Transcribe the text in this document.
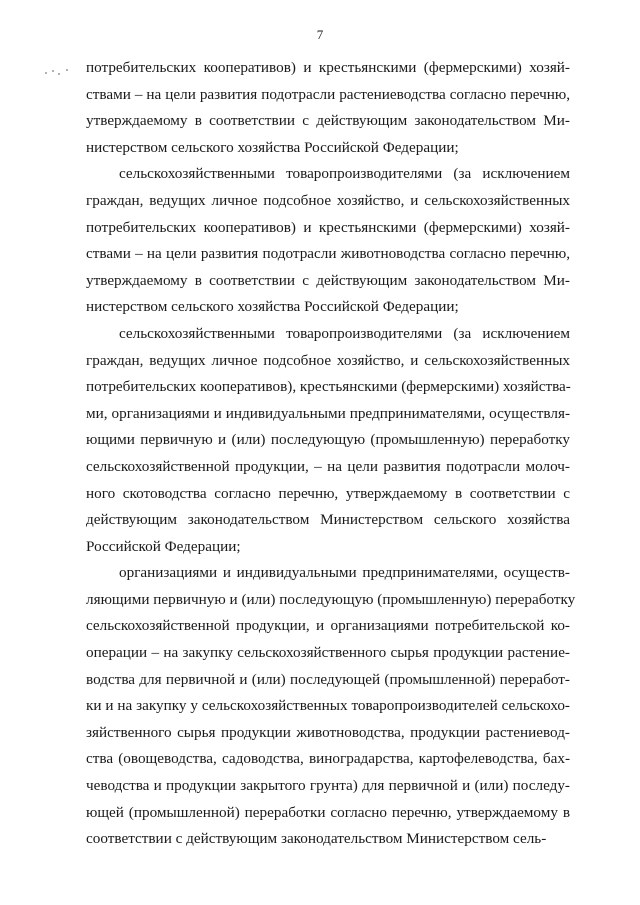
7
потребительских кооперативов) и крестьянскими (фермерскими) хозяй-
ствами – на цели развития подотрасли растениеводства согласно перечню,
утверждаемому в соответствии с действующим законодательством Ми-
нистерством сельского хозяйства Российской Федерации;
сельскохозяйственными товаропроизводителями (за исключением
граждан, ведущих личное подсобное хозяйство, и сельскохозяйственных
потребительских кооперативов) и крестьянскими (фермерскими) хозяй-
ствами – на цели развития подотрасли животноводства согласно перечню,
утверждаемому в соответствии с действующим законодательством Ми-
нистерством сельского хозяйства Российской Федерации;
сельскохозяйственными товаропроизводителями (за исключением
граждан, ведущих личное подсобное хозяйство, и сельскохозяйственных
потребительских кооперативов), крестьянскими (фермерскими) хозяйства-
ми, организациями и индивидуальными предпринимателями, осуществля-
ющими первичную и (или) последующую (промышленную) переработку
сельскохозяйственной продукции, – на цели развития подотрасли молоч-
ного скотоводства согласно перечню, утверждаемому в соответствии с
действующим законодательством Министерством сельского хозяйства
Российской Федерации;
организациями и индивидуальными предпринимателями, осуществ-
ляющими первичную и (или) последующую (промышленную) переработку
сельскохозяйственной продукции, и организациями потребительской ко-
операции – на закупку сельскохозяйственного сырья продукции растение-
водства для первичной и (или) последующей (промышленной) переработ-
ки и на закупку у сельскохозяйственных товаропроизводителей сельскохо-
зяйственного сырья продукции животноводства, продукции растениевод-
ства (овощеводства, садоводства, виноградарства, картофелеводства, бах-
чеводства и продукции закрытого грунта) для первичной и (или) последу-
ющей (промышленной) переработки согласно перечню, утверждаемому в
соответствии с действующим законодательством Министерством сель-
